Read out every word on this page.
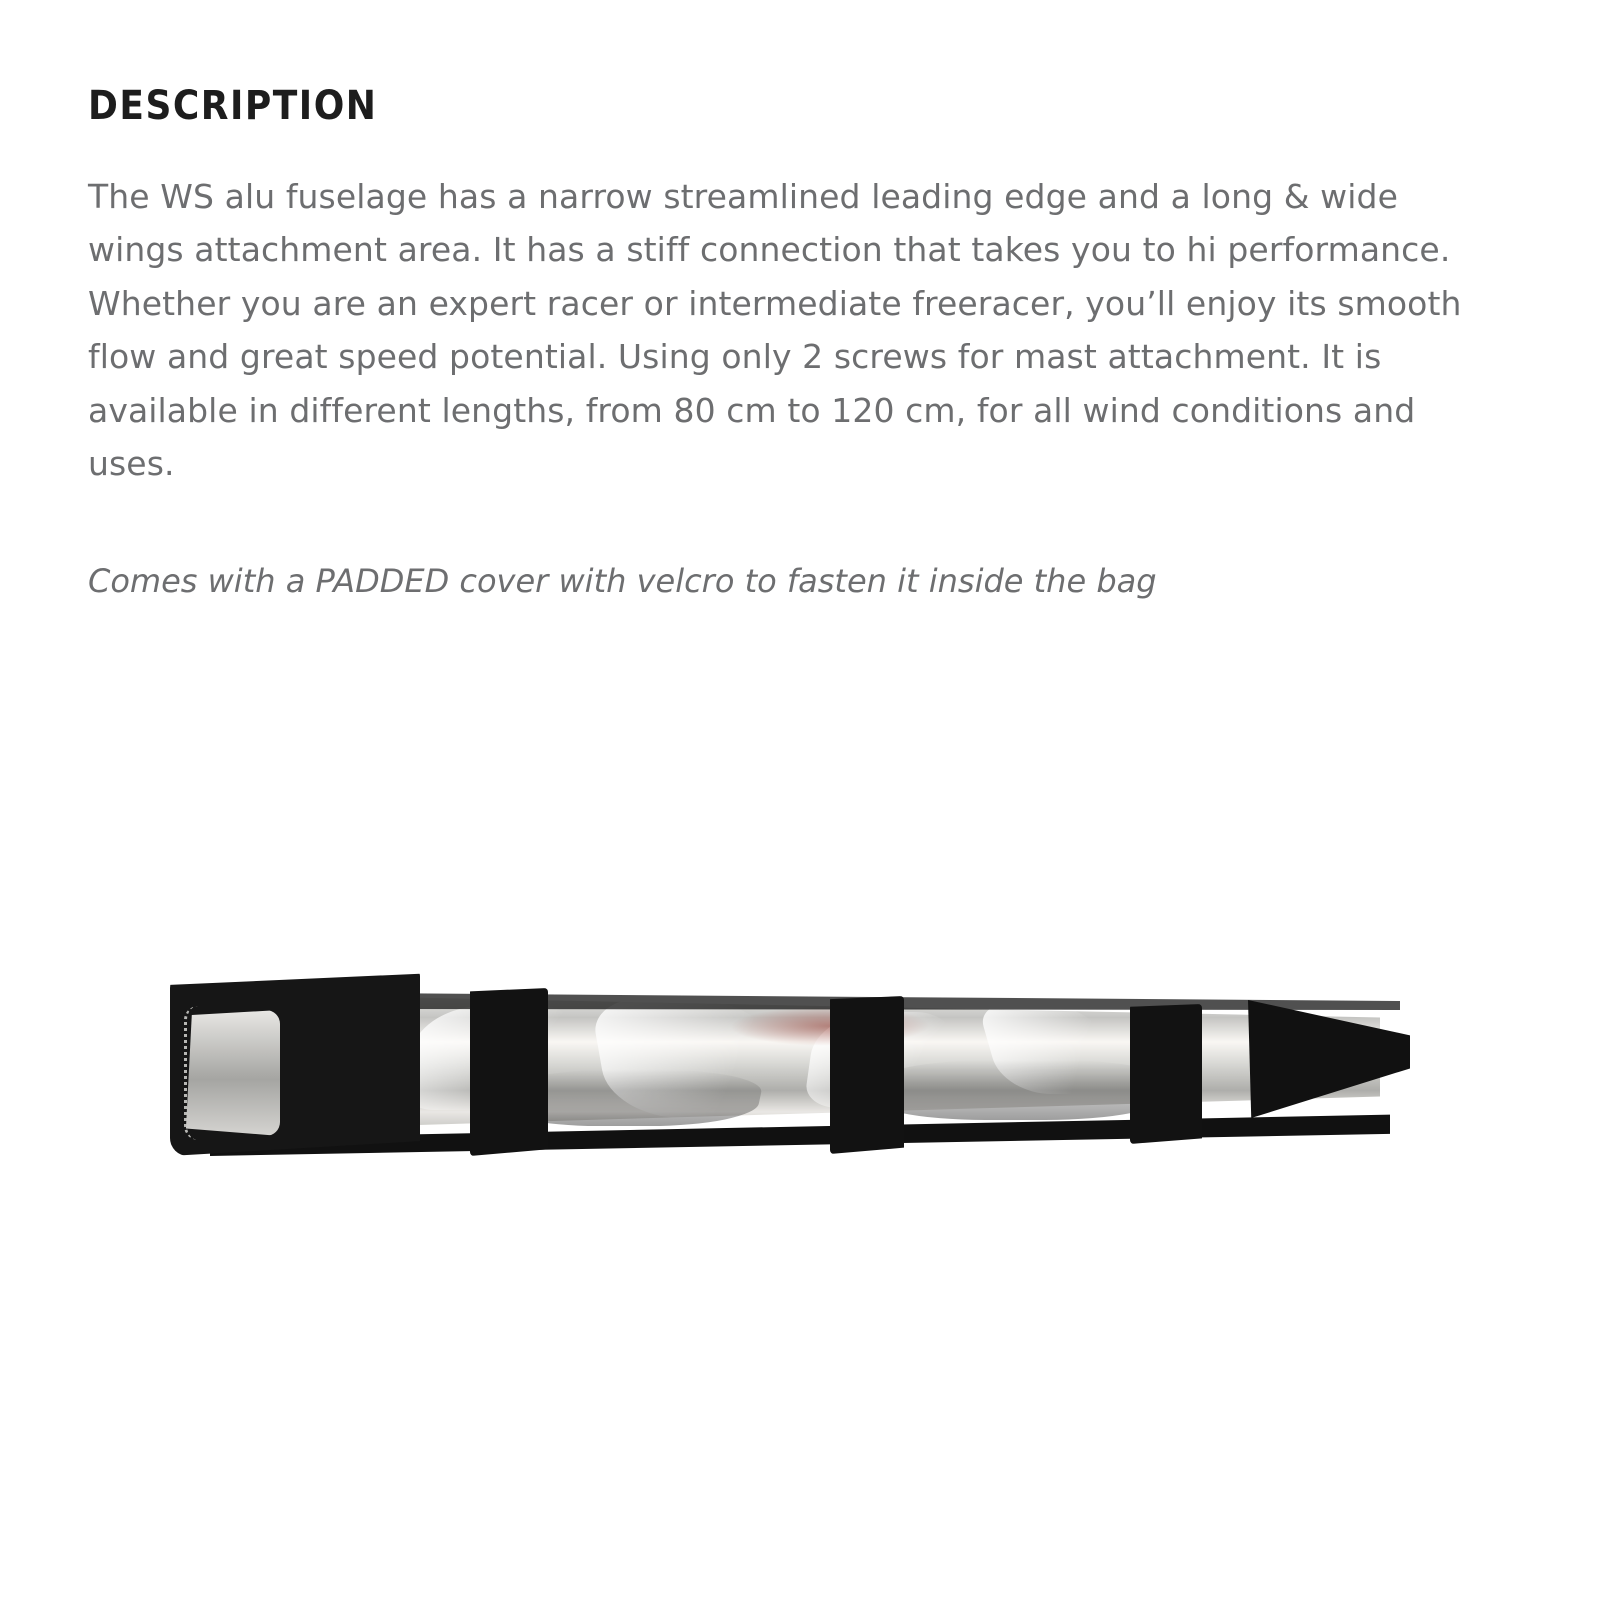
DESCRIPTION

The WS alu fuselage has a narrow streamlined leading edge and a long & wide wings attachment area. It has a stiff connection that takes you to hi performance. Whether you are an expert racer or intermediate freeracer, you’ll enjoy its smooth flow and great speed potential. Using only 2 screws for mast attachment. It is available in different lengths, from 80 cm to 120 cm, for all wind conditions and uses.

Comes with a PADDED cover with velcro to fasten it inside the bag
